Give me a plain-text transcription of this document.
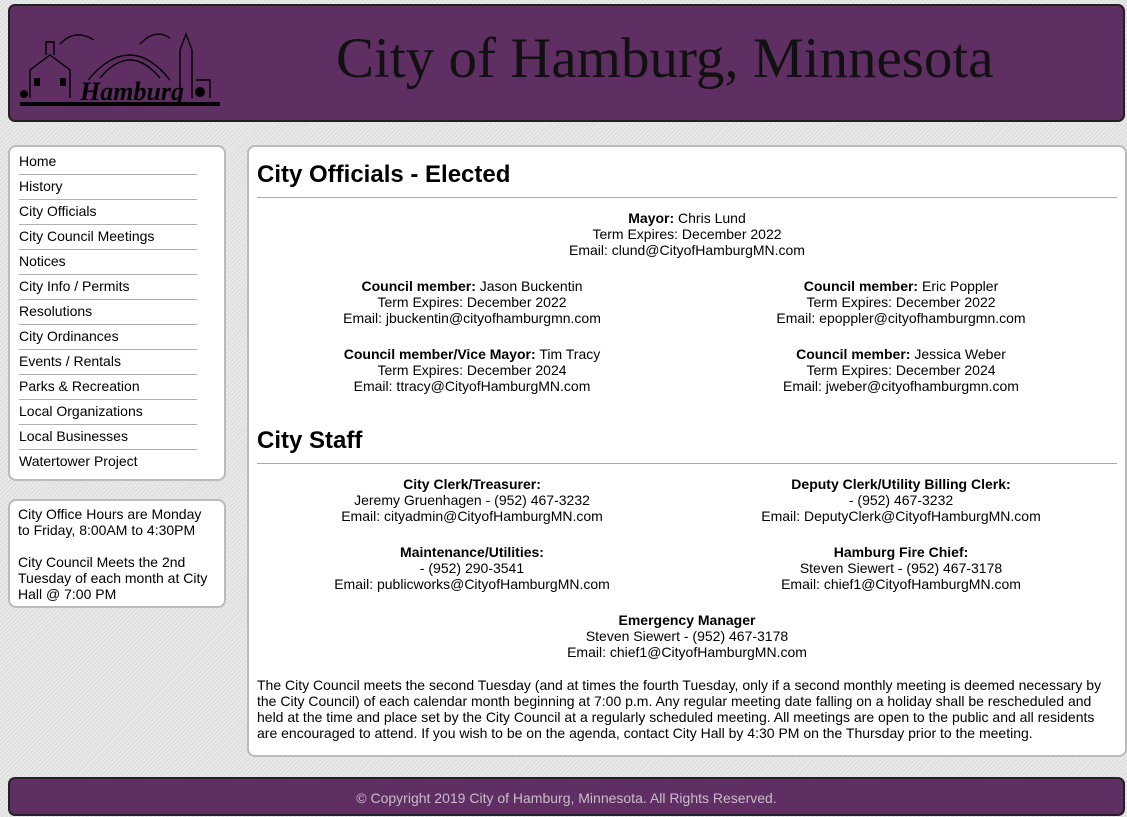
Hamburg
City of Hamburg, Minnesota
Home
History
City Officials
City Council Meetings
Notices
City Info / Permits
Resolutions
City Ordinances
Events / Rentals
Parks & Recreation
Local Organizations
Local Businesses
Watertower Project

City Office Hours are Monday to Friday, 8:00AM to 4:30PM

City Council Meets the 2nd Tuesday of each month at City Hall @ 7:00 PM

City Officials - Elected
Mayor: Chris Lund
Term Expires: December 2022
Email: clund@CityofHamburgMN.com
Council member: Jason Buckentin
Term Expires: December 2022
Email: jbuckentin@cityofhamburgmn.com
Council member: Eric Poppler
Term Expires: December 2022
Email: epoppler@cityofhamburgmn.com
Council member/Vice Mayor: Tim Tracy
Term Expires: December 2024
Email: ttracy@CityofHamburgMN.com
Council member: Jessica Weber
Term Expires: December 2024
Email: jweber@cityofhamburgmn.com
City Staff
City Clerk/Treasurer:
Jeremy Gruenhagen - (952) 467-3232
Email: cityadmin@CityofHamburgMN.com
Deputy Clerk/Utility Billing Clerk:
- (952) 467-3232
Email: DeputyClerk@CityofHamburgMN.com
Maintenance/Utilities:
- (952) 290-3541
Email: publicworks@CityofHamburgMN.com
Hamburg Fire Chief:
Steven Siewert - (952) 467-3178
Email: chief1@CityofHamburgMN.com
Emergency Manager
Steven Siewert - (952) 467-3178
Email: chief1@CityofHamburgMN.com
The City Council meets the second Tuesday (and at times the fourth Tuesday, only if a second monthly meeting is deemed necessary by the City Council) of each calendar month beginning at 7:00 p.m. Any regular meeting date falling on a holiday shall be rescheduled and held at the time and place set by the City Council at a regularly scheduled meeting. All meetings are open to the public and all residents are encouraged to attend. If you wish to be on the agenda, contact City Hall by 4:30 PM on the Thursday prior to the meeting.
© Copyright 2019 City of Hamburg, Minnesota. All Rights Reserved.
